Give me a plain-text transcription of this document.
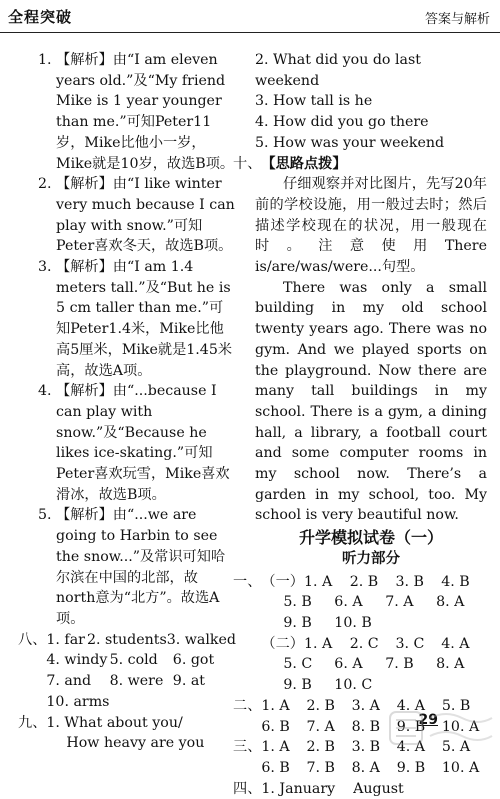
全程突破	答案与解析
1. 【解析】由“I am eleven years old.”及“My friend Mike is 1 year younger than me.”可知Peter11岁，Mike比他小一岁，Mike就是10岁，故选B项。
2. 【解析】由“I like winter very much because I can play with snow.”可知Peter喜欢冬天，故选B项。
3. 【解析】由“I am 1.4 meters tall.”及“But he is 5 cm taller than me.”可知Peter1.4米，Mike比他高5厘米，Mike就是1.45米高，故选A项。
4. 【解析】由“...because I can play with snow.”及“Because he likes ice-skating.”可知Peter喜欢玩雪，Mike喜欢滑冰，故选B项。
5. 【解析】由“...we are going to Harbin to see the snow...”及常识可知哈尔滨在中国的北部，故north意为“北方”。故选A项。
八、 1. far 2. students 3. walked
4. windy 5. cold	6. got
7. and	8. were 9. at
10. arms
九、 1. What about you/
How heavy are you
2. What did you do last weekend
3. How tall is he
4. How did you go there
5. How was your weekend
十、 【思路点拨】

仔细观察并对比图片，先写20年前的学校设施，用一般过去时；然后描述学校现在的状况，用一般现在时。注意使用There is/are/was/were...句型。

There was only a small building in my old school twenty years ago. There was no gym. And we played sports on the playground. Now there are many tall buildings in my school. There is a gym, a dining hall, a library, a football court and some computer rooms in my school now. There’s a garden in my school, too. My school is very beautiful now.

升学模拟试卷（一）
听力部分
一、 （一） 1. A	2. B	3. B	4. B
5. B	6. A	7. A	8. A
9. B	10. B
（二） 1. A	2. C	3. C	4. A
5. C	6. A	7. B	8. A
9. B	10. C
二、 1. A	2. B	3. A	4. A	5. B
6. B	7. A	8. B	9. B	10. A
三、 1. A	2. B	3. B	4. A	5. A
6. B	7. B	8. A	9. B	10. A
四、 1. January    August
29
